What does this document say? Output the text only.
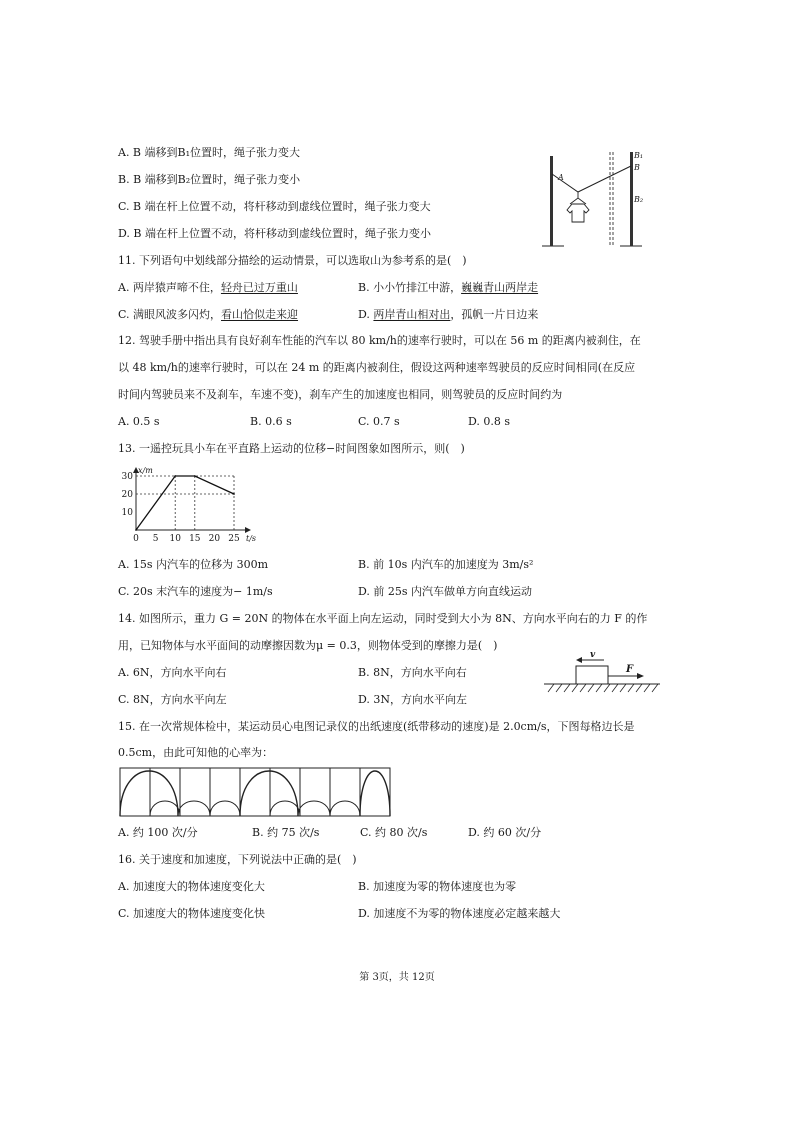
A. B 端移到B₁位置时，绳子张力变大
B. B 端移到B₂位置时，绳子张力变小
C. B 端在杆上位置不动，将杆移动到虚线位置时，绳子张力变大
D. B 端在杆上位置不动，将杆移动到虚线位置时，绳子张力变小
A
B₁
B
B₂
11. 下列语句中划线部分描绘的运动情景，可以选取山为参考系的是(　)
A. 两岸猿声啼不住，轻舟已过万重山	B. 小小竹排江中游，巍巍青山两岸走
C. 满眼风波多闪灼，看山恰似走来迎	D. 两岸青山相对出，孤帆一片日边来
12. 驾驶手册中指出具有良好刹车性能的汽车以 80 km/h的速率行驶时，可以在 56 m 的距离内被刹住，在
以 48 km/h的速率行驶时，可以在 24 m 的距离内被刹住，假设这两种速率驾驶员的反应时间相同(在反应
时间内驾驶员来不及刹车，车速不变)，刹车产生的加速度也相同，则驾驶员的反应时间约为
A. 0.5 s	B. 0.6 s	C. 0.7 s	D. 0.8 s
13. 一遥控玩具小车在平直路上运动的位移−时间图象如图所示，则(　)
0 5 10 15 20 25
10
20
30
t/s
x/m
A. 15s 内汽车的位移为 300m	B. 前 10s 内汽车的加速度为 3m/s²
C. 20s 末汽车的速度为− 1m/s	D. 前 25s 内汽车做单方向直线运动
14. 如图所示，重力 G = 20N 的物体在水平面上向左运动，同时受到大小为 8N、方向水平向右的力 F 的作
用，已知物体与水平面间的动摩擦因数为μ = 0.3，则物体受到的摩擦力是(　)
A. 6N，方向水平向右	B. 8N，方向水平向右
C. 8N，方向水平向左	D. 3N，方向水平向左
v
F
15. 在一次常规体检中，某运动员心电图记录仪的出纸速度(纸带移动的速度)是 2.0cm/s，下图每格边长是
0.5cm，由此可知他的心率为：
A. 约 100 次/分	B. 约 75 次/s	C. 约 80 次/s	D. 约 60 次/分
16. 关于速度和加速度，下列说法中正确的是(　)
A. 加速度大的物体速度变化大	B. 加速度为零的物体速度也为零
C. 加速度大的物体速度变化快	D. 加速度不为零的物体速度必定越来越大
第 3页，共 12页
